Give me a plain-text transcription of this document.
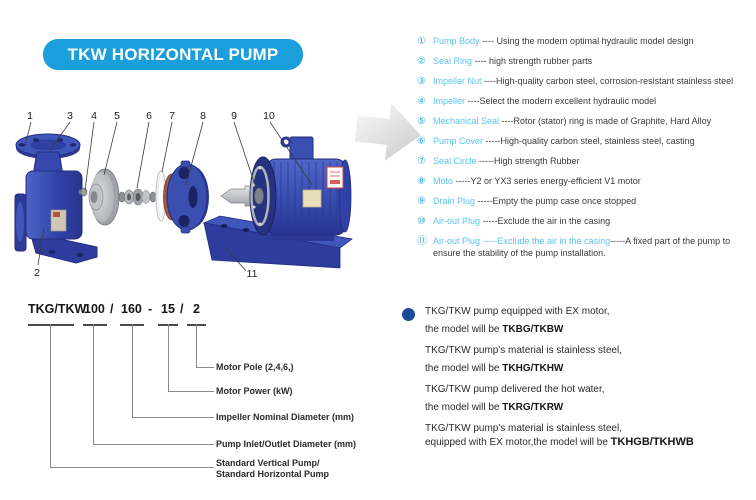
TKW HORIZONTAL PUMP
1	3 4 5 6 7 8 9 10
2	11
① Pump Body ---- Using the modern optimal hydraulic model design
② Seal Ring ---- high strength rubber parts
③ Impeller Nut ----High-quality carbon steel, corrosion-resistant stainless steel
④ Impeller ----Select the modern excellent hydraulic model
⑤ Mechanical Seal ----Rotor (stator) ring is made of Graphite, Hard Alloy
⑥ Pump Cover -----High-quality carbon steel, stainless steel, casting
⑦ Seal Circle -----High strength Rubber
⑧ Moto -----Y2 or YX3 series energy-efficient V1 motor
⑨ Drain Plug -----Empty the pump case once stopped
⑩ Air-out Plug -----Exclude the air in the casing
⑪ Air-out Plug -----Exclude the air in the casing-----A fixed part of the pump to ensure the stability of the pump installation.
TKG/TKW
100 / 160 - 15 / 2
Motor Pole (2,4,6,)
Motor Power (kW)
Impeller Nominal Diameter (mm)
Pump Inlet/Outlet Diameter (mm)
Standard Vertical Pump/
Standard Horizontal Pump

TKG/TKW pump equipped with EX motor,

the model will be TKBG/TKBW

TKG/TKW pump's material is stainless steel,

the model will be TKHG/TKHW

TKG/TKW pump delivered the hot water,

the model will be TKRG/TKRW

TKG/TKW pump's material is stainless steel,

equipped with EX motor,the model will be TKHGB/TKHWB
